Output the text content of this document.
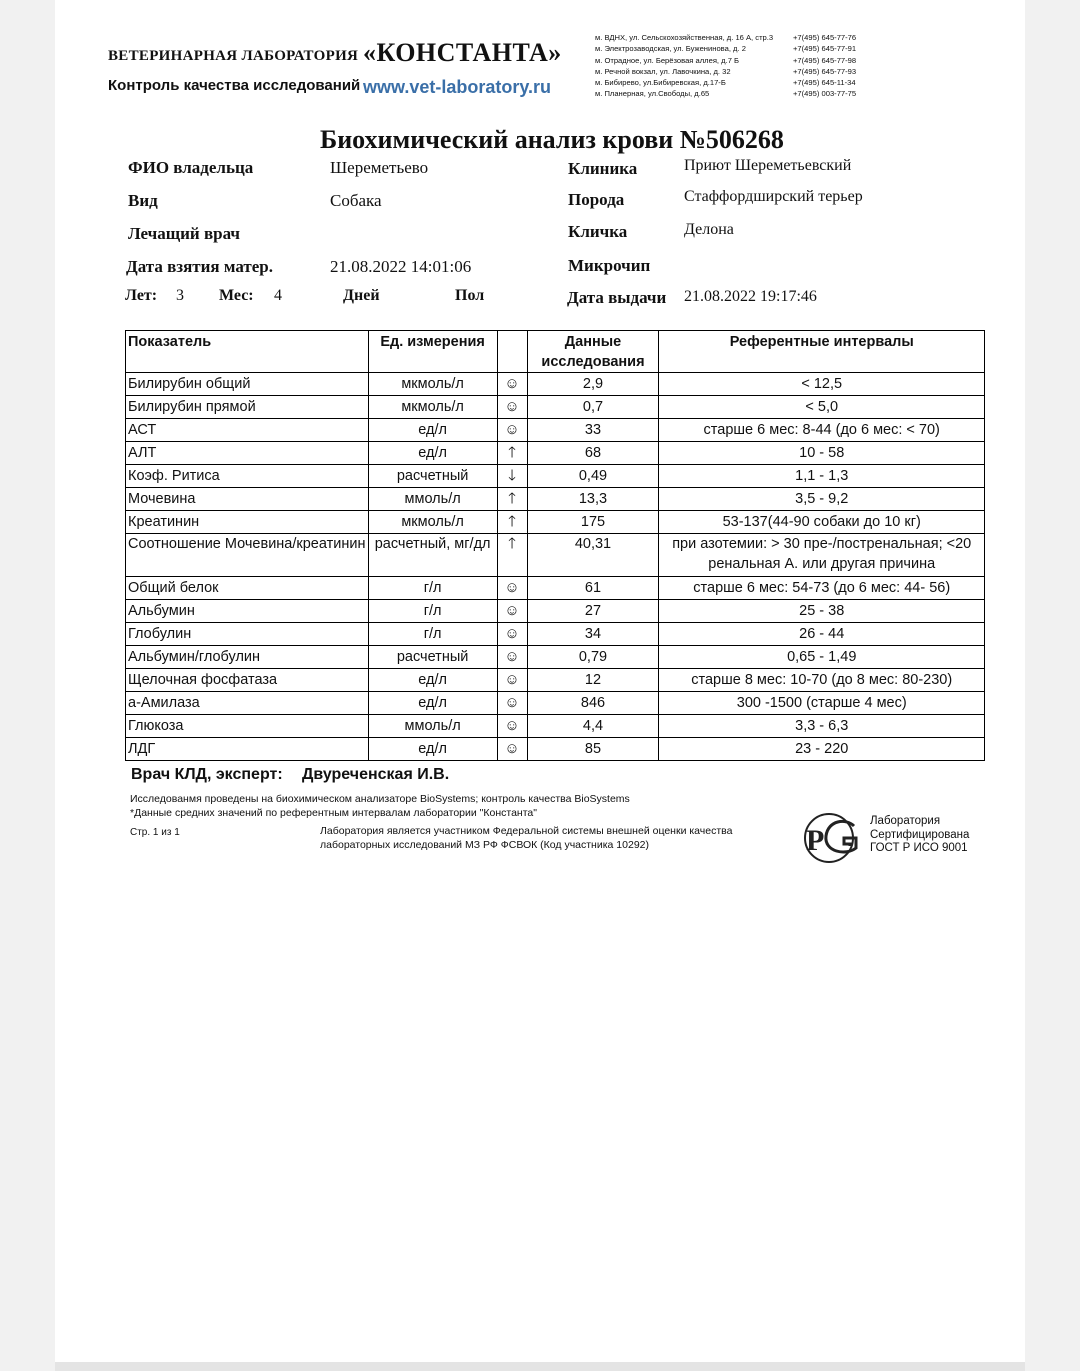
ВЕТЕРИНАРНАЯ ЛАБОРАТОРИЯ «КОНСТАНТА»
Контроль качества исследований www.vet-laboratory.ru
м. ВДНХ, ул. Сельскохозяйственная, д. 16 А, стр.3	+7(495) 645-77-76
м. Электрозаводская, ул. Буженинова, д. 2	+7(495) 645-77-91
м. Отрадное, ул. Берёзовая аллея, д.7 Б	+7(495) 645-77-98
м. Речной вокзал, ул. Лавочкина, д. 32	+7(495) 645-77-93
м. Бибирево, ул.Бибиревская, д.17-Б	+7(495) 645-11-34
м. Планерная, ул.Свободы, д.65	+7(495) 003-77-75
Биохимический анализ крови №506268
ФИО владельца	Шереметьево
Вид	Собака
Лечащий врач
Дата взятия матер.	21.08.2022 14:01:06
Лет: 3 Мес: 4	Дней	Пол
Клиника	Приют Шереметьевский
Порода	Стаффордширский терьер
Кличка	Делона
Микрочип
Дата выдачи 21.08.2022 19:17:46
Показатель	Ед. измерения		Данные исследования	Референтные интервалы
Билирубин общий	мкмоль/л	☺	2,9	< 12,5
Билирубин прямой	мкмоль/л	☺	0,7	< 5,0
АСТ	ед/л	☺	33	старше 6 мес: 8-44 (до 6 мес: < 70)
АЛТ	ед/л	🡑	68	10 - 58
Коэф. Ритиса	расчетный	🡓	0,49	1,1 - 1,3
Мочевина	ммоль/л	🡑	13,3	3,5 - 9,2
Креатинин	мкмоль/л	🡑	175	53-137(44-90 собаки до 10 кг)
Соотношение Мочевина/креатинин	расчетный, мг/дл	🡑	40,31	при азотемии: > 30 пре-/постренальная; <20 ренальная А. или другая причина
Общий белок	г/л	☺	61	старше 6 мес: 54-73 (до 6 мес: 44- 56)
Альбумин	г/л	☺	27	25 - 38
Глобулин	г/л	☺	34	26 - 44
Альбумин/глобулин	расчетный	☺	0,79	0,65 - 1,49
Щелочная фосфатаза	ед/л	☺	12	старше 8 мес: 10-70 (до 8 мес: 80-230)
а-Амилаза	ед/л	☺	846	300 -1500 (старше 4 мес)
Глюкоза	ммоль/л	☺	4,4	3,3 - 6,3
ЛДГ	ед/л	☺	85	23 - 220
Врач КЛД, эксперт: Двуреченская И.В.
Исследованмя проведены на биохимическом анализаторе BioSystems; контроль качества BioSystems
*Данные средних значений по референтным интервалам лаборатории "Константа"
Стр. 1 из 1	Лаборатория является участником Федеральной системы внешней оценки качества
лабораторных исследований МЗ РФ ФСВОК (Код участника 10292)	Р
Лаборатория
Сертифицирована
ГОСТ Р ИСО 9001
